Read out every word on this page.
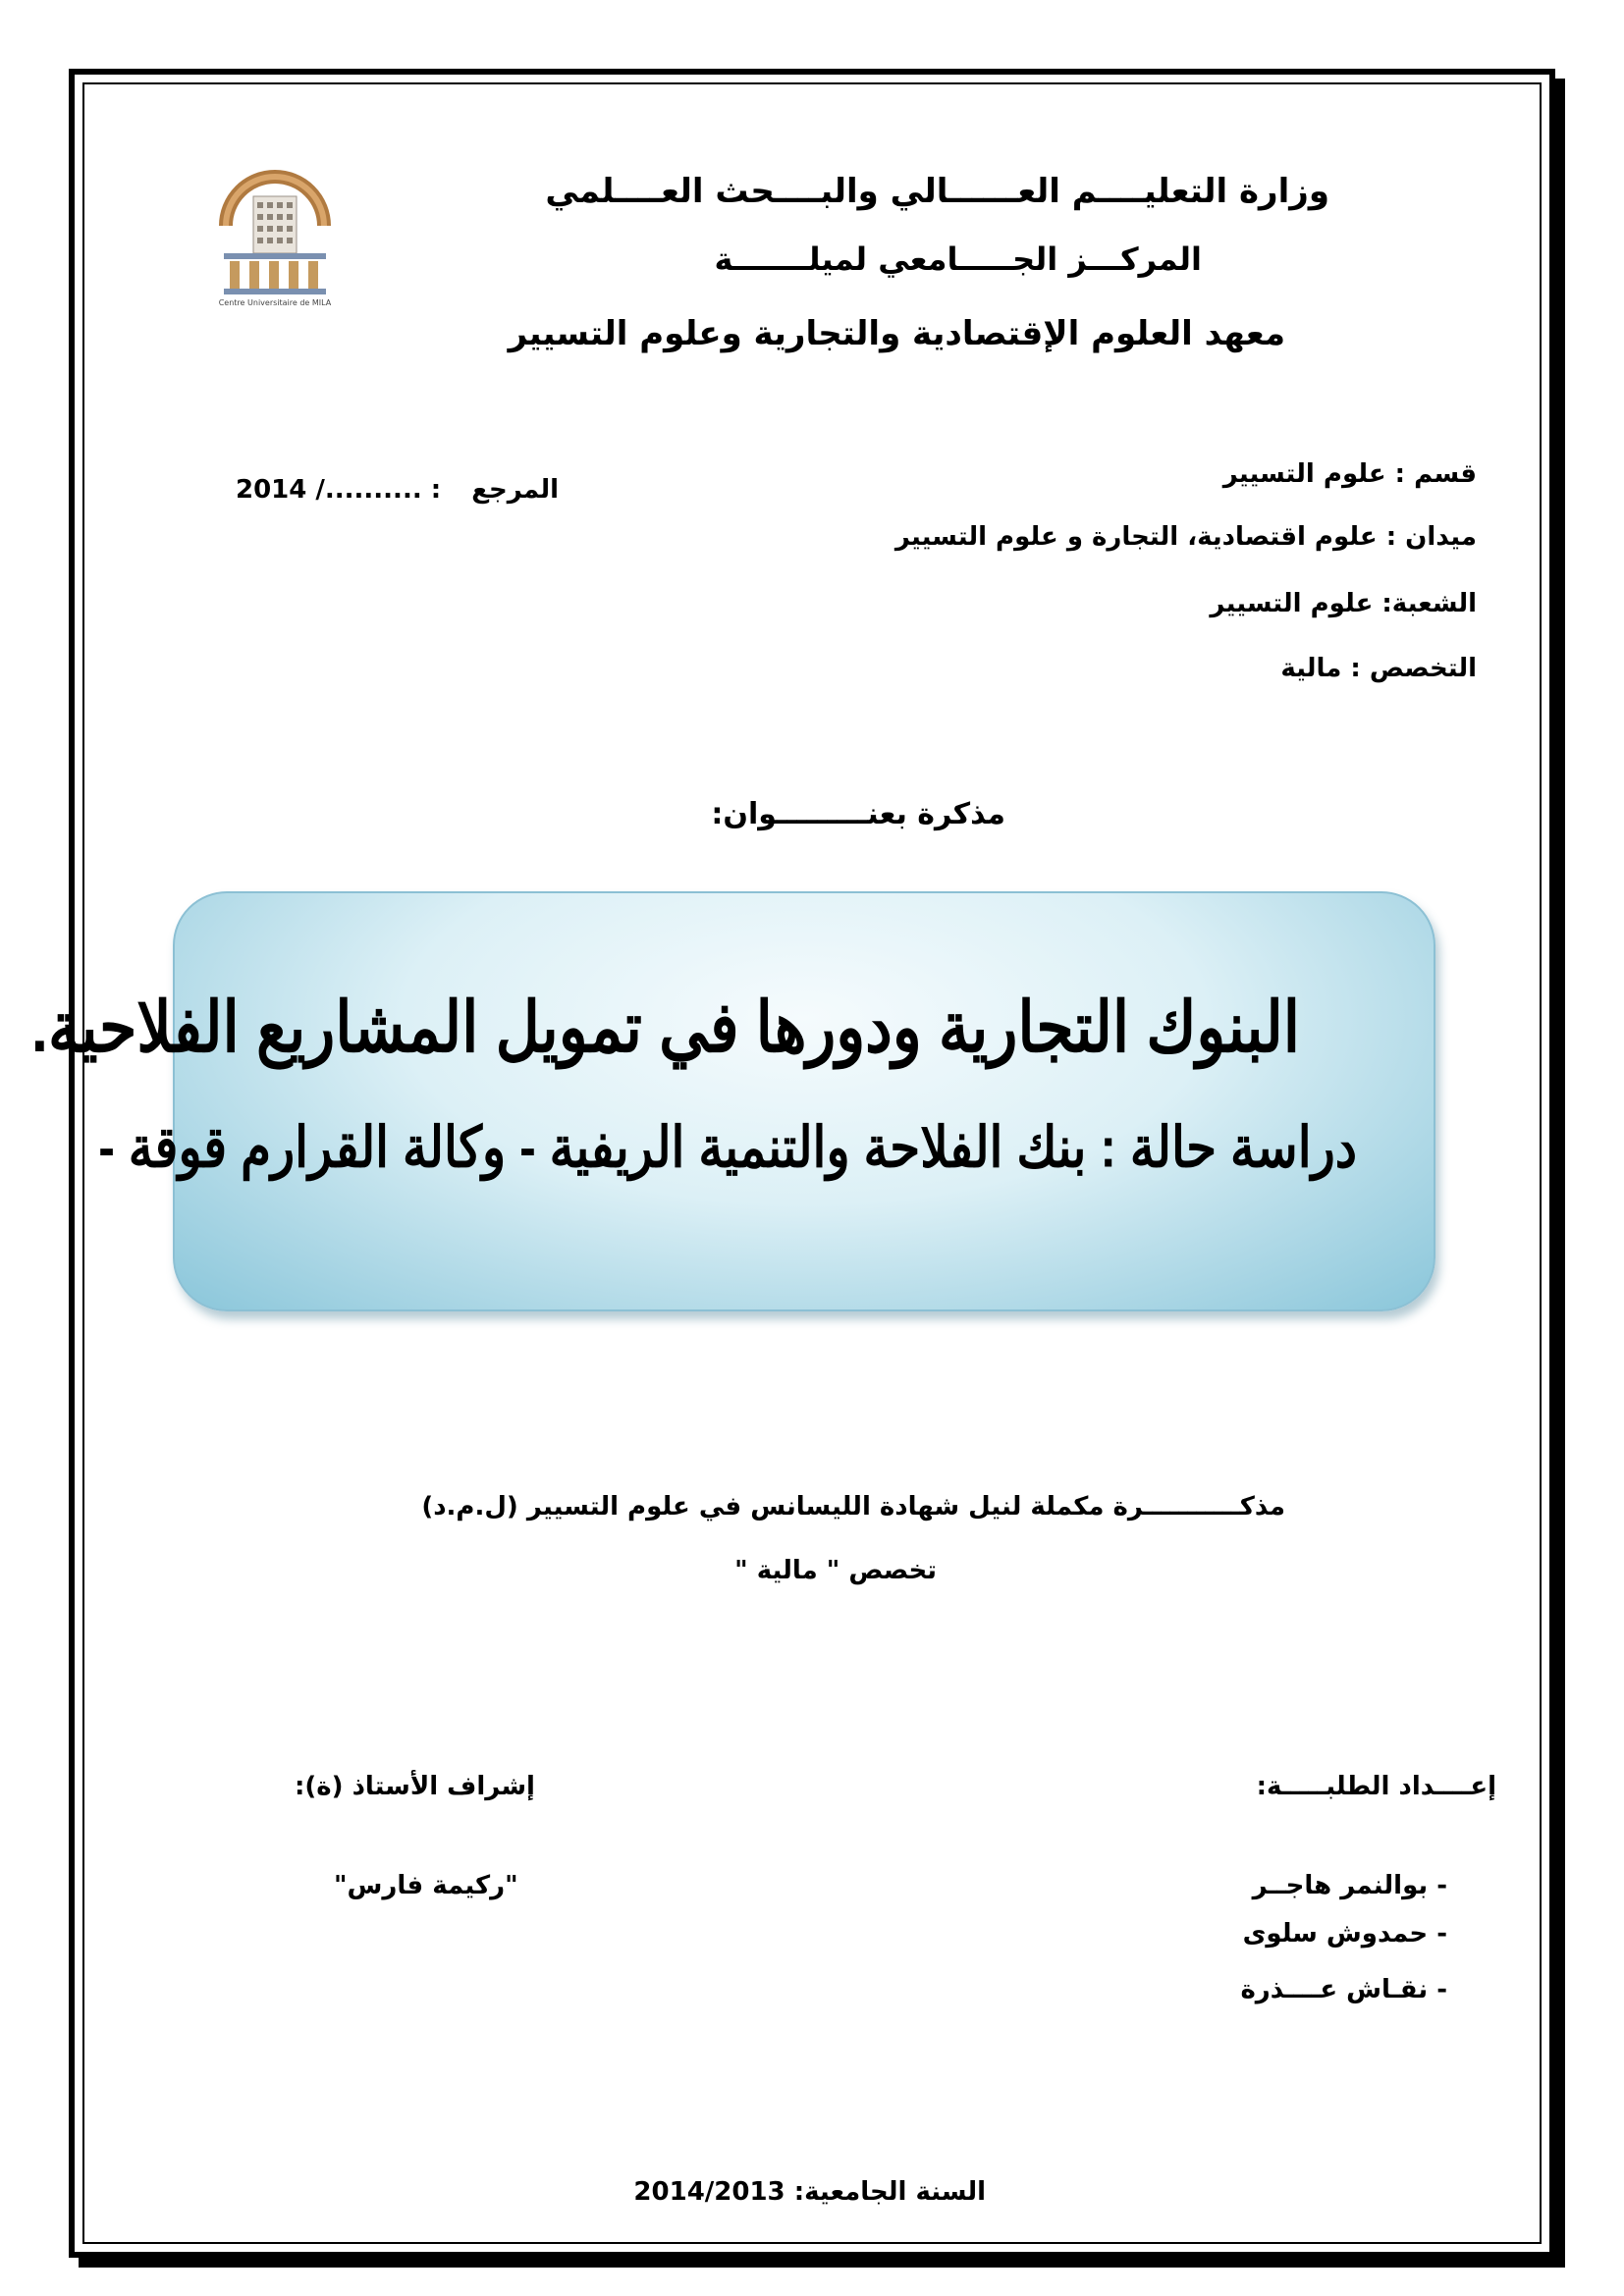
Centre Universitaire de MILA
وزارة التعليــــم العــــــالي والبــــحث العــــلمي
المركـــز الجـــــامعي لميلـــــــة
معهد العلوم الإقتصادية والتجارية وعلوم التسيير
قسم : علوم التسيير
ميدان : علوم اقتصادية، التجارة و علوم التسيير
الشعبة: علوم التسيير
التخصص : مالية
المرجع : ........../ 2014
مذكرة بعنـــــــــوان:
البنوك التجارية ودورها في تمويل المشاريع الفلاحية.
دراسة حالة : بنك الفلاحة والتنمية الريفية - وكالة القرارم قوقة -
مذكـــــــــــرة مكملة لنيل شهادة الليسانس في علوم التسيير (ل.م.د)
تخصص " مالية "
إعــــداد الطلبـــــة:
إشراف الأستاذ (ة):
- بوالنمر هاجــر
- حمدوش سلوى
- نقـاش عــــذرة
"ركيمة فارس"
السنة الجامعية: 2014/2013
